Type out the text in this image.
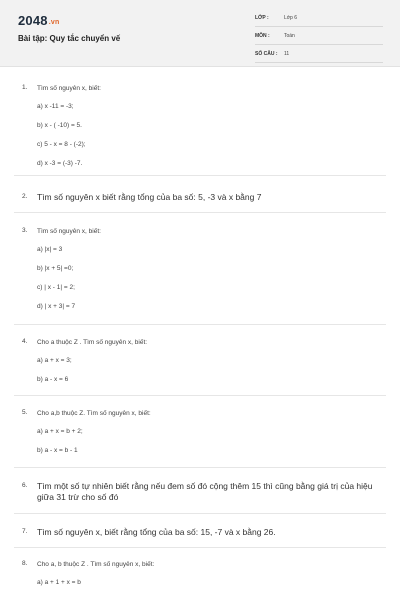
2048.vn
Bài tập: Quy tắc chuyển vế
LỚP :	Lớp 6
MÔN :	Toán
SỐ CÂU : 11
1. Tìm số nguyên x, biết:
a) x -11 = -3;
b) x - ( -10) = 5.
c) 5 - x = 8 - (-2);
d) x -3 = (-3) -7.
2. Tìm số nguyên x biết rằng tổng của ba số: 5, -3 và x bằng 7
3. Tìm số nguyên x, biết:
a) |x| = 3
b) |x + 5| =0;
c) | x - 1| = 2;
d) | x + 3| = 7
4. Cho a thuộc Z . Tìm số nguyên x, biết:
a) a + x = 3;
b) a - x = 6
5. Cho a,b thuộc Z. Tìm số nguyên x, biết:
a) a + x = b + 2;
b) a - x = b - 1
6. Tìm một số tự nhiên biết rằng nếu đem số đó cộng thêm 15 thì cũng bằng giá trị của hiệu giữa 31 trừ cho số đó
7. Tìm số nguyên x, biết rằng tổng của ba số: 15, -7 và x bằng 26.
8. Cho a, b thuộc Z . Tìm số nguyên x, biết:
a) a + 1 + x = b
